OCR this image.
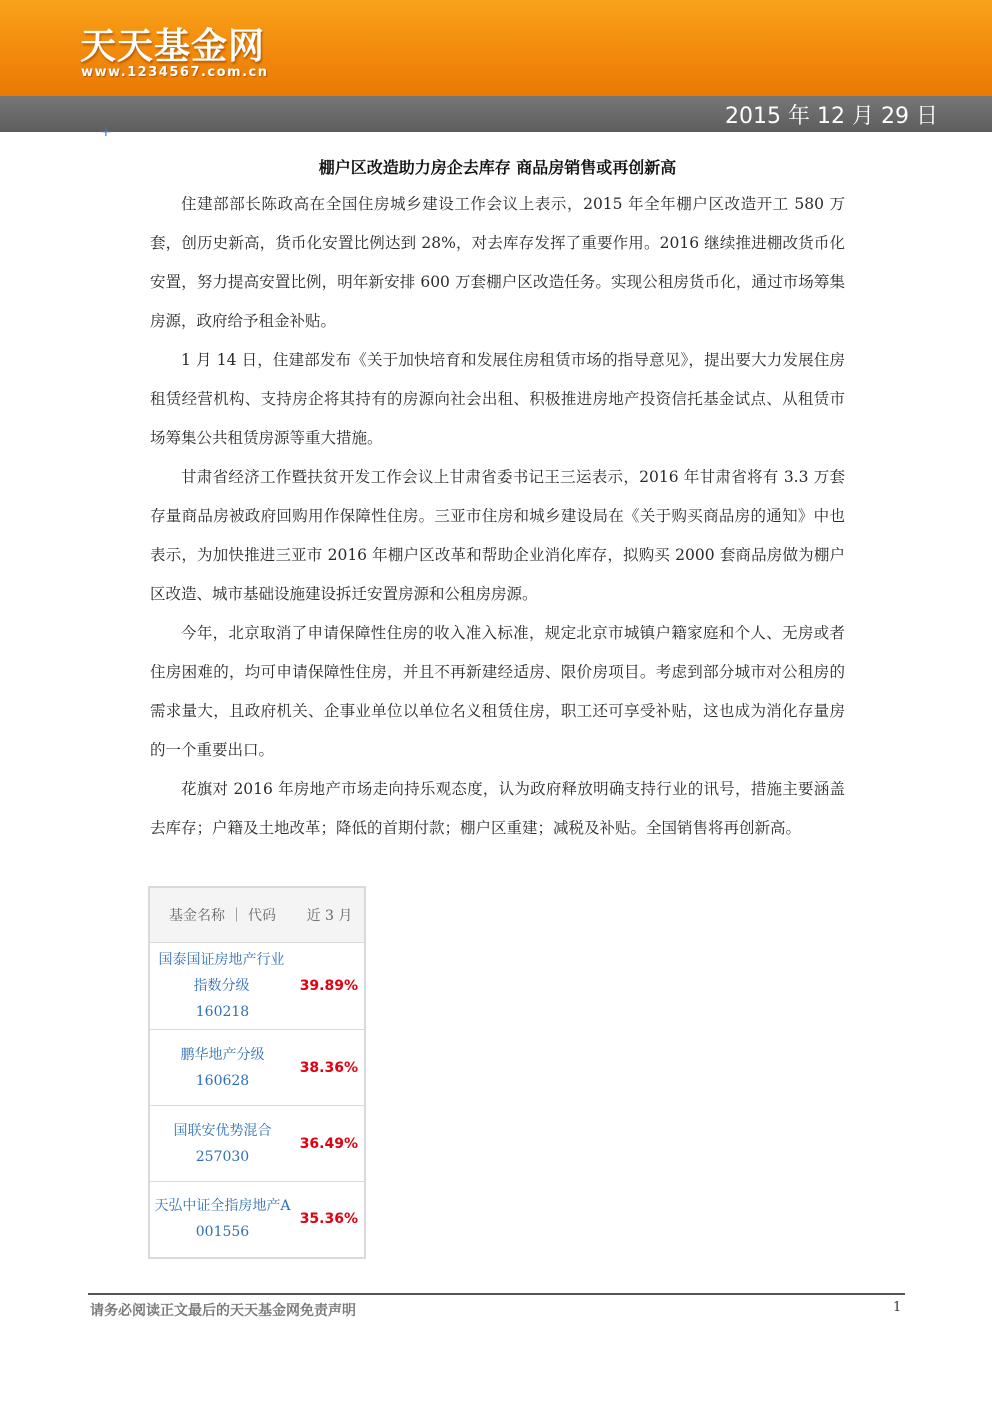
天天基金网
www.1234567.com.cn
2015 年 12 月 29 日
+
棚户区改造助力房企去库存 商品房销售或再创新高

住建部部长陈政高在全国住房城乡建设工作会议上表示，2015 年全年棚户区改造开工 580 万套，创历史新高，货币化安置比例达到 28%，对去库存发挥了重要作用。2016 继续推进棚改货币化安置，努力提高安置比例，明年新安排 600 万套棚户区改造任务。实现公租房货币化，通过市场筹集房源，政府给予租金补贴。

1 月 14 日，住建部发布《关于加快培育和发展住房租赁市场的指导意见》，提出要大力发展住房租赁经营机构、支持房企将其持有的房源向社会出租、积极推进房地产投资信托基金试点、从租赁市场筹集公共租赁房源等重大措施。

甘肃省经济工作暨扶贫开发工作会议上甘肃省委书记王三运表示，2016 年甘肃省将有 3.3 万套存量商品房被政府回购用作保障性住房。三亚市住房和城乡建设局在《关于购买商品房的通知》中也表示，为加快推进三亚市 2016 年棚户区改革和帮助企业消化库存，拟购买 2000 套商品房做为棚户区改造、城市基础设施建设拆迁安置房源和公租房房源。

今年，北京取消了申请保障性住房的收入准入标准，规定北京市城镇户籍家庭和个人、无房或者住房困难的，均可申请保障性住房，并且不再新建经适房、限价房项目。考虑到部分城市对公租房的需求量大，且政府机关、企事业单位以单位名义租赁住房，职工还可享受补贴，这也成为消化存量房的一个重要出口。

花旗对 2016 年房地产市场走向持乐观态度，认为政府释放明确支持行业的讯号，措施主要涵盖去库存；户籍及土地改革；降低的首期付款；棚户区重建；减税及补贴。全国销售将再创新高。

基金名称 ｜ 代码	近 3 月

国泰国证房地产行业指数分级
160218	39.89%

鹏华地产分级
160628	38.36%

国联安优势混合
257030	36.49%

天弘中证全指房地产A
001556	35.36%
请务必阅读正文最后的天天基金网免责声明	1
